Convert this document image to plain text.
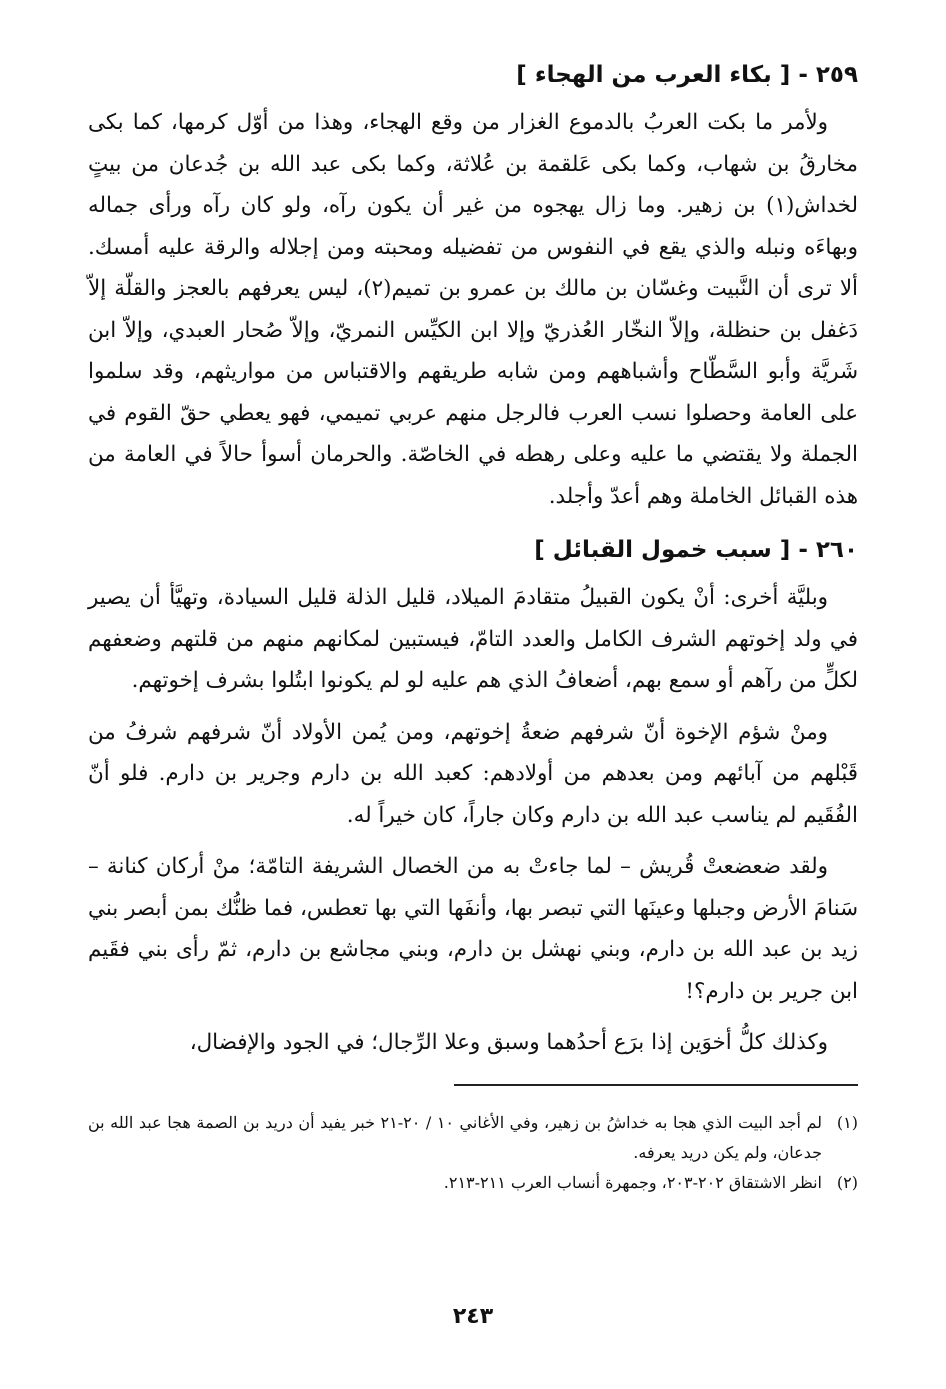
٢٥٩ -[ بكاء العرب من الهجاء ]

ولأمر ما بكت العربُ بالدموع الغزار من وقع الهجاء، وهذا من أوّل كرمها، كما بكى مخارقُ بن شهاب، وكما بكى عَلقمة بن عُلاثة، وكما بكى عبد الله بن جُدعان من بيتٍ لخداش(١) بن زهير. وما زال يهجوه من غير أن يكون رآه، ولو كان رآه ورأى جماله وبهاءَه ونبله والذي يقع في النفوس من تفضيله ومحبته ومن إجلاله والرقة عليه أمسك. ألا ترى أن النَّبيت وغسّان بن مالك بن عمرو بن تميم(٢)، ليس يعرفهم بالعجز والقلّة إلاّ دَغفل بن حنظلة، وإلاّ النخّار العُذريّ وإلا ابن الكيِّس النمريّ، وإلاّ صُحار العبدي، وإلاّ ابن شَريَّة وأبو السَّطّاح وأشباههم ومن شابه طريقهم والاقتباس من مواريثهم، وقد سلموا على العامة وحصلوا نسب العرب فالرجل منهم عربي تميمي، فهو يعطي حقّ القوم في الجملة ولا يقتضي ما عليه وعلى رهطه في الخاصّة. والحرمان أسوأ حالاً في العامة من هذه القبائل الخاملة وهم أعدّ وأجلد.

٢٦٠ -[ سبب خمول القبائل ]

وبليَّة أخرى: أنْ يكون القبيلُ متقادمَ الميلاد، قليل الذلة قليل السيادة، وتهيَّأ أن يصير في ولد إخوتهم الشرف الكامل والعدد التامّ، فيستبين لمكانهم منهم من قلتهم وضعفهم لكلٍّ من رآهم أو سمع بهم، أضعافُ الذي هم عليه لو لم يكونوا ابتُلوا بشرف إخوتهم.

ومنْ شؤم الإخوة أنّ شرفهم ضعةُ إخوتهم، ومن يُمن الأولاد أنّ شرفهم شرفُ من قَبْلهم من آبائهم ومن بعدهم من أولادهم: كعبد الله بن دارم وجرير بن دارم. فلو أنّ الفُقَيم لم يناسب عبد الله بن دارم وكان جاراً، كان خيراً له.

ولقد ضعضعتْ قُريش – لما جاءتْ به من الخصال الشريفة التامّة؛ منْ أركان كنانة – سَنامَ الأرض وجبلها وعينَها التي تبصر بها، وأنفَها التي بها تعطس، فما ظنُّك بمن أبصر بني زيد بن عبد الله بن دارم، وبني نهشل بن دارم، وبني مجاشع بن دارم، ثمّ رأى بني فقَيم ابن جرير بن دارم؟!

وكذلك كلُّ أخوَين إذا برَع أحدُهما وسبق وعلا الرِّجال؛ في الجود والإفضال،

(١)
لم أجد البيت الذي هجا به خداشُ بن زهير، وفي الأغاني ١٠ / ٢٠-٢١ خبر يفيد أن دريد بن الصمة هجا عبد الله بن جدعان، ولم يكن دريد يعرفه.
(٢)
انظر الاشتقاق ٢٠٢-٢٠٣، وجمهرة أنساب العرب ٢١١-٢١٣.
٢٤٣
